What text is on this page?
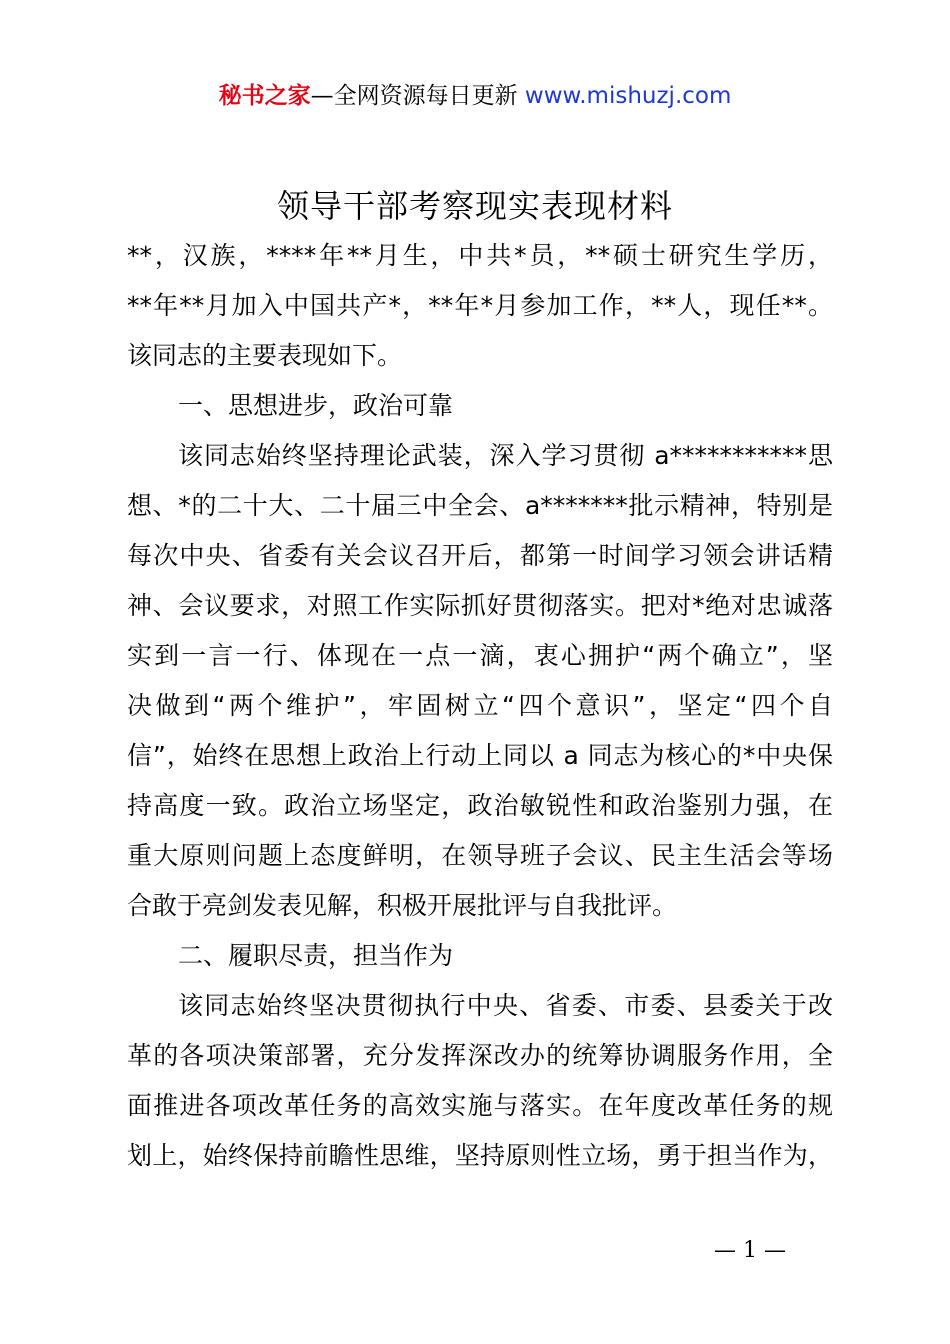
秘书之家—全网资源每日更新 www.mishuzj.com
领导干部考察现实表现材料
**，汉族，****年**月生，中共*员，**硕士研究生学历，
**年**月加入中国共产*，**年*月参加工作，**人，现任**。
该同志的主要表现如下。
一、思想进步，政治可靠
该同志始终坚持理论武装，深入学习贯彻 a***********思
想、*的二十大、二十届三中全会、a*******批示精神，特别是
每次中央、省委有关会议召开后，都第一时间学习领会讲话精
神、会议要求，对照工作实际抓好贯彻落实。把对*绝对忠诚落
实到一言一行、体现在一点一滴，衷心拥护“两个确立”，坚
决做到“两个维护”，牢固树立“四个意识”，坚定“四个自
信”，始终在思想上政治上行动上同以 a 同志为核心的*中央保
持高度一致。政治立场坚定，政治敏锐性和政治鉴别力强，在
重大原则问题上态度鲜明，在领导班子会议、民主生活会等场
合敢于亮剑发表见解，积极开展批评与自我批评。
二、履职尽责，担当作为
该同志始终坚决贯彻执行中央、省委、市委、县委关于改
革的各项决策部署，充分发挥深改办的统筹协调服务作用，全
面推进各项改革任务的高效实施与落实。在年度改革任务的规
划上，始终保持前瞻性思维，坚持原则性立场，勇于担当作为，
— 1 —
